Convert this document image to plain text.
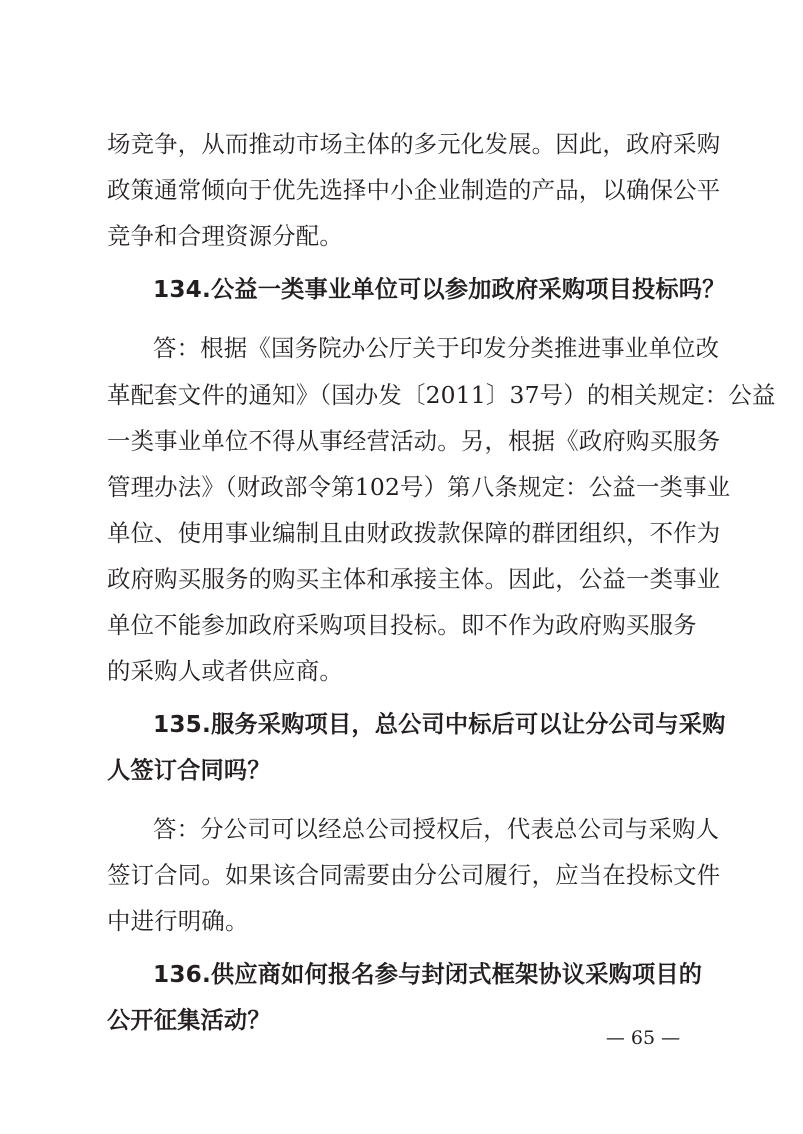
场竞争，从而推动市场主体的多元化发展。因此，政府采购
政策通常倾向于优先选择中小企业制造的产品，以确保公平
竞争和合理资源分配。
134.公益一类事业单位可以参加政府采购项目投标吗？
答：根据《国务院办公厅关于印发分类推进事业单位改
革配套文件的通知》（国办发〔2011〕37号）的相关规定：公益
一类事业单位不得从事经营活动。另，根据《政府购买服务
管理办法》（财政部令第102号）第八条规定：公益一类事业
单位、使用事业编制且由财政拨款保障的群团组织，不作为
政府购买服务的购买主体和承接主体。因此，公益一类事业
单位不能参加政府采购项目投标。即不作为政府购买服务
的采购人或者供应商。
135.服务采购项目，总公司中标后可以让分公司与采购
人签订合同吗？
答：分公司可以经总公司授权后，代表总公司与采购人
签订合同。如果该合同需要由分公司履行，应当在投标文件
中进行明确。
136.供应商如何报名参与封闭式框架协议采购项目的
公开征集活动？
— 65 —
